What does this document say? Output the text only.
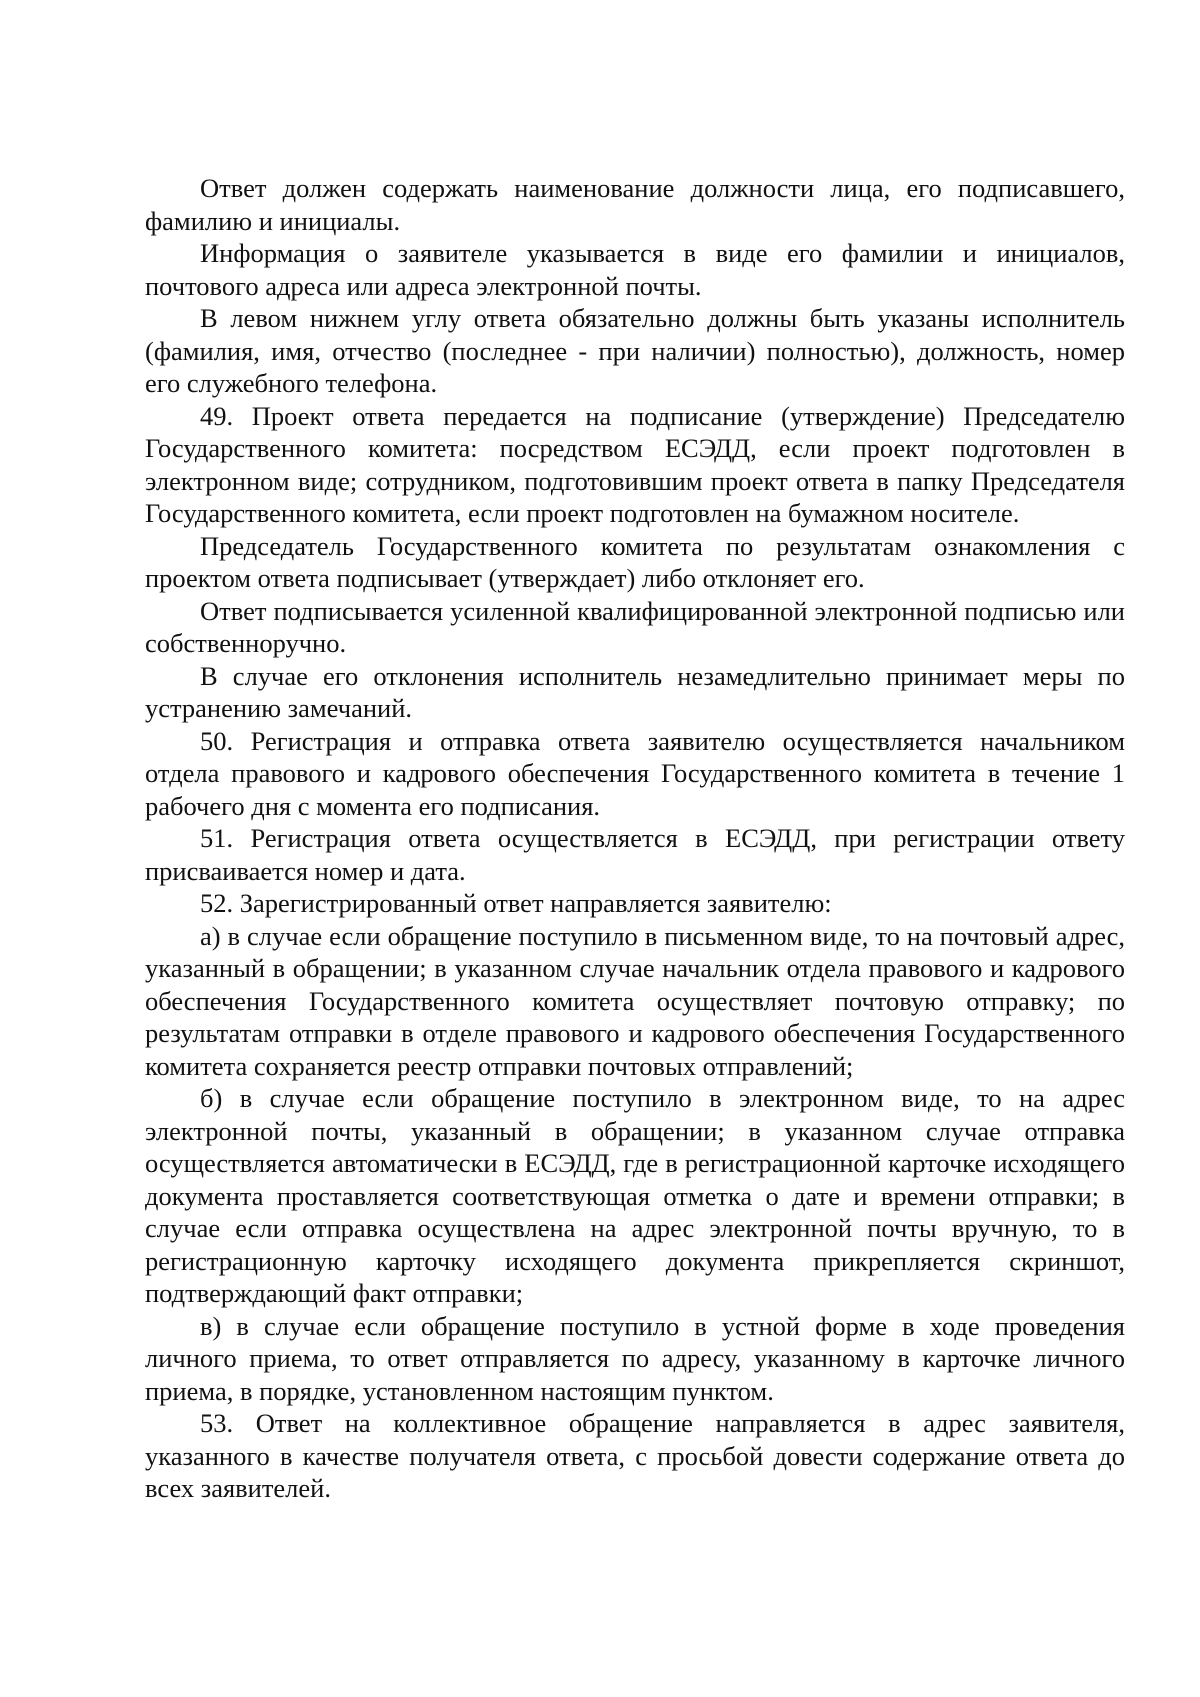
Ответ должен содержать наименование должности лица, его подписавшего, фамилию и инициалы.

Информация о заявителе указывается в виде его фамилии и инициалов, почтового адреса или адреса электронной почты.

В левом нижнем углу ответа обязательно должны быть указаны исполнитель (фамилия, имя, отчество (последнее - при наличии) полностью), должность, номер его служебного телефона.

49. Проект ответа передается на подписание (утверждение) Председателю Государственного комитета: посредством ЕСЭДД, если проект подготовлен в электронном виде; сотрудником, подготовившим проект ответа в папку Председателя Государственного комитета, если проект подготовлен на бумажном носителе.

Председатель Государственного комитета по результатам ознакомления с проектом ответа подписывает (утверждает) либо отклоняет его.

Ответ подписывается усиленной квалифицированной электронной подписью или собственноручно.

В случае его отклонения исполнитель незамедлительно принимает меры по устранению замечаний.

50. Регистрация и отправка ответа заявителю осуществляется начальником отдела правового и кадрового обеспечения Государственного комитета в течение 1 рабочего дня с момента его подписания.

51. Регистрация ответа осуществляется в ЕСЭДД, при регистрации ответу присваивается номер и дата.

52. Зарегистрированный ответ направляется заявителю:

а) в случае если обращение поступило в письменном виде, то на почтовый адрес, указанный в обращении; в указанном случае начальник отдела правового и кадрового обеспечения Государственного комитета осуществляет почтовую отправку; по результатам отправки в отделе правового и кадрового обеспечения Государственного комитета сохраняется реестр отправки почтовых отправлений;

б) в случае если обращение поступило в электронном виде, то на адрес электронной почты, указанный в обращении; в указанном случае отправка осуществляется автоматически в ЕСЭДД, где в регистрационной карточке исходящего документа проставляется соответствующая отметка о дате и времени отправки; в случае если отправка осуществлена на адрес электронной почты вручную, то в регистрационную карточку исходящего документа прикрепляется скриншот, подтверждающий факт отправки;

в) в случае если обращение поступило в устной форме в ходе проведения личного приема, то ответ отправляется по адресу, указанному в карточке личного приема, в порядке, установленном настоящим пунктом.

53. Ответ на коллективное обращение направляется в адрес заявителя, указанного в качестве получателя ответа, с просьбой довести содержание ответа до всех заявителей.
